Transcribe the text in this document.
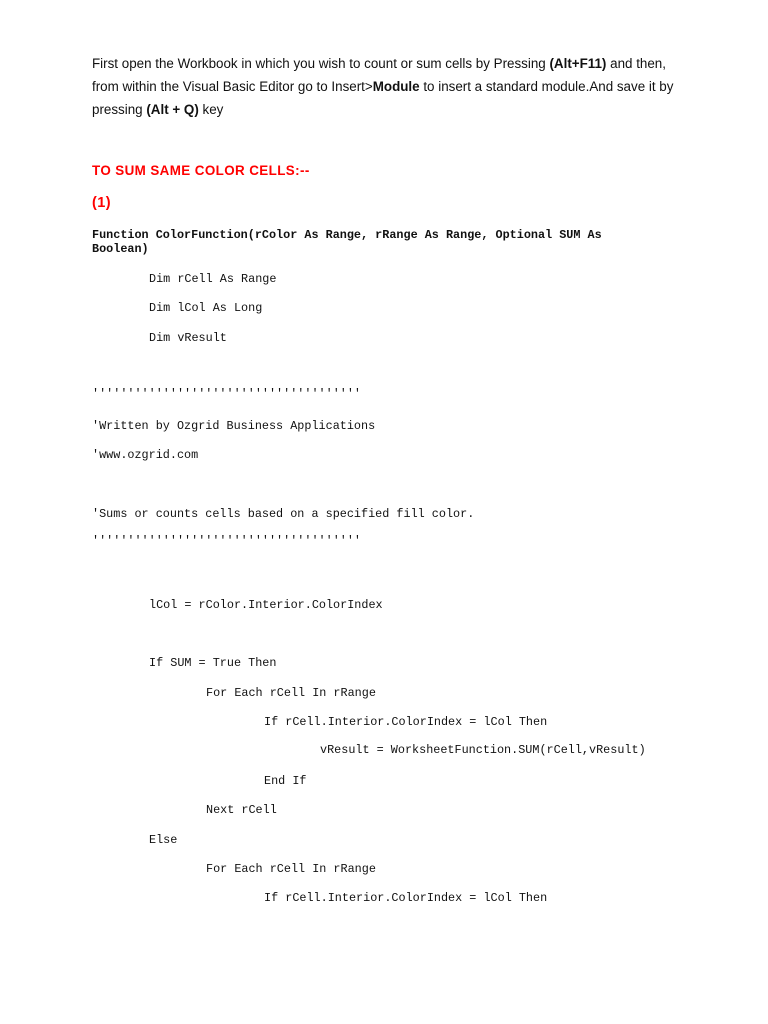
First open the Workbook in which you wish to count or sum cells by Pressing (Alt+F11) and then, from within the Visual Basic Editor go to Insert>Module to insert a standard module.And save it by pressing (Alt + Q) key
TO SUM SAME COLOR CELLS:--
(1)
Function ColorFunction(rColor As Range, rRange As Range, Optional SUM As
Boolean)
Dim rCell As Range
Dim lCol As Long
Dim vResult
''''''''''''''''''''''''''''''''''''''
'Written by Ozgrid Business Applications
'www.ozgrid.com
'Sums or counts cells based on a specified fill color.
''''''''''''''''''''''''''''''''''''''
lCol = rColor.Interior.ColorIndex
If SUM = True Then
For Each rCell In rRange
If rCell.Interior.ColorIndex = lCol Then
vResult = WorksheetFunction.SUM(rCell,vResult)
End If
Next rCell
Else
For Each rCell In rRange
If rCell.Interior.ColorIndex = lCol Then
